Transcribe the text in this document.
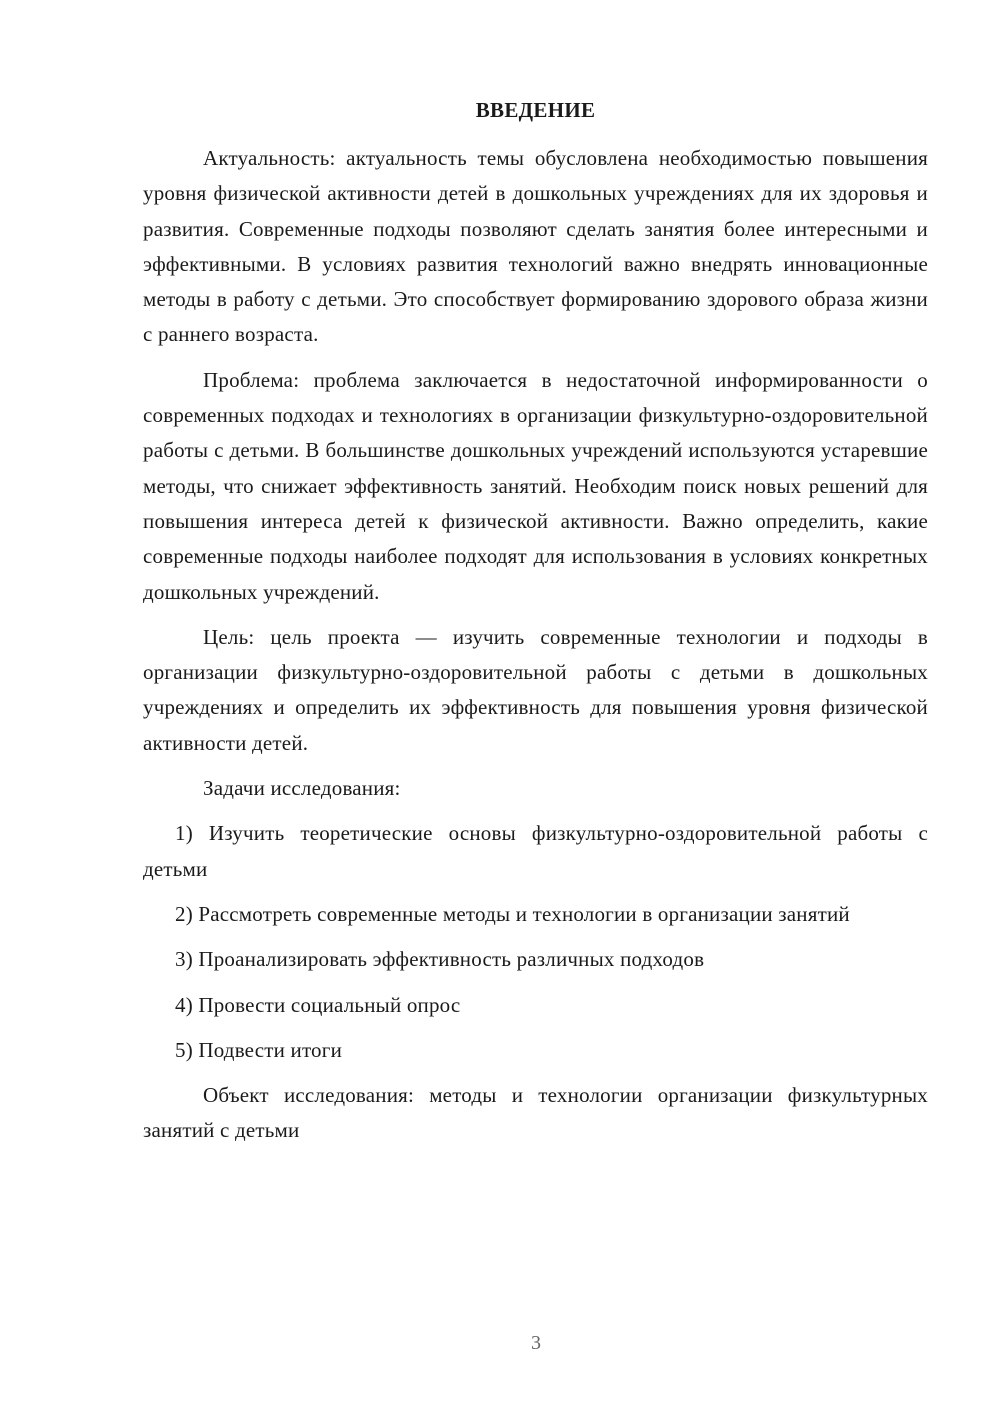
ВВЕДЕНИЕ

Актуальность: актуальность темы обусловлена необходимостью повышения уровня физической активности детей в дошкольных учреждениях для их здоровья и развития. Современные подходы позволяют сделать занятия более интересными и эффективными. В условиях развития технологий важно внедрять инновационные методы в работу с детьми. Это способствует формированию здорового образа жизни с раннего возраста.

Проблема: проблема заключается в недостаточной информированности о современных подходах и технологиях в организации физкультурно-оздоровительной работы с детьми. В большинстве дошкольных учреждений используются устаревшие методы, что снижает эффективность занятий. Необходим поиск новых решений для повышения интереса детей к физической активности. Важно определить, какие современные подходы наиболее подходят для использования в условиях конкретных дошкольных учреждений.

Цель: цель проекта — изучить современные технологии и подходы в организации физкультурно-оздоровительной работы с детьми в дошкольных учреждениях и определить их эффективность для повышения уровня физической активности детей.

Задачи исследования:

1) Изучить теоретические основы физкультурно-оздоровительной работы с детьми

2) Рассмотреть современные методы и технологии в организации занятий

3) Проанализировать эффективность различных подходов

4) Провести социальный опрос

5) Подвести итоги

Объект исследования: методы и технологии организации физкультурных занятий с детьми

3
